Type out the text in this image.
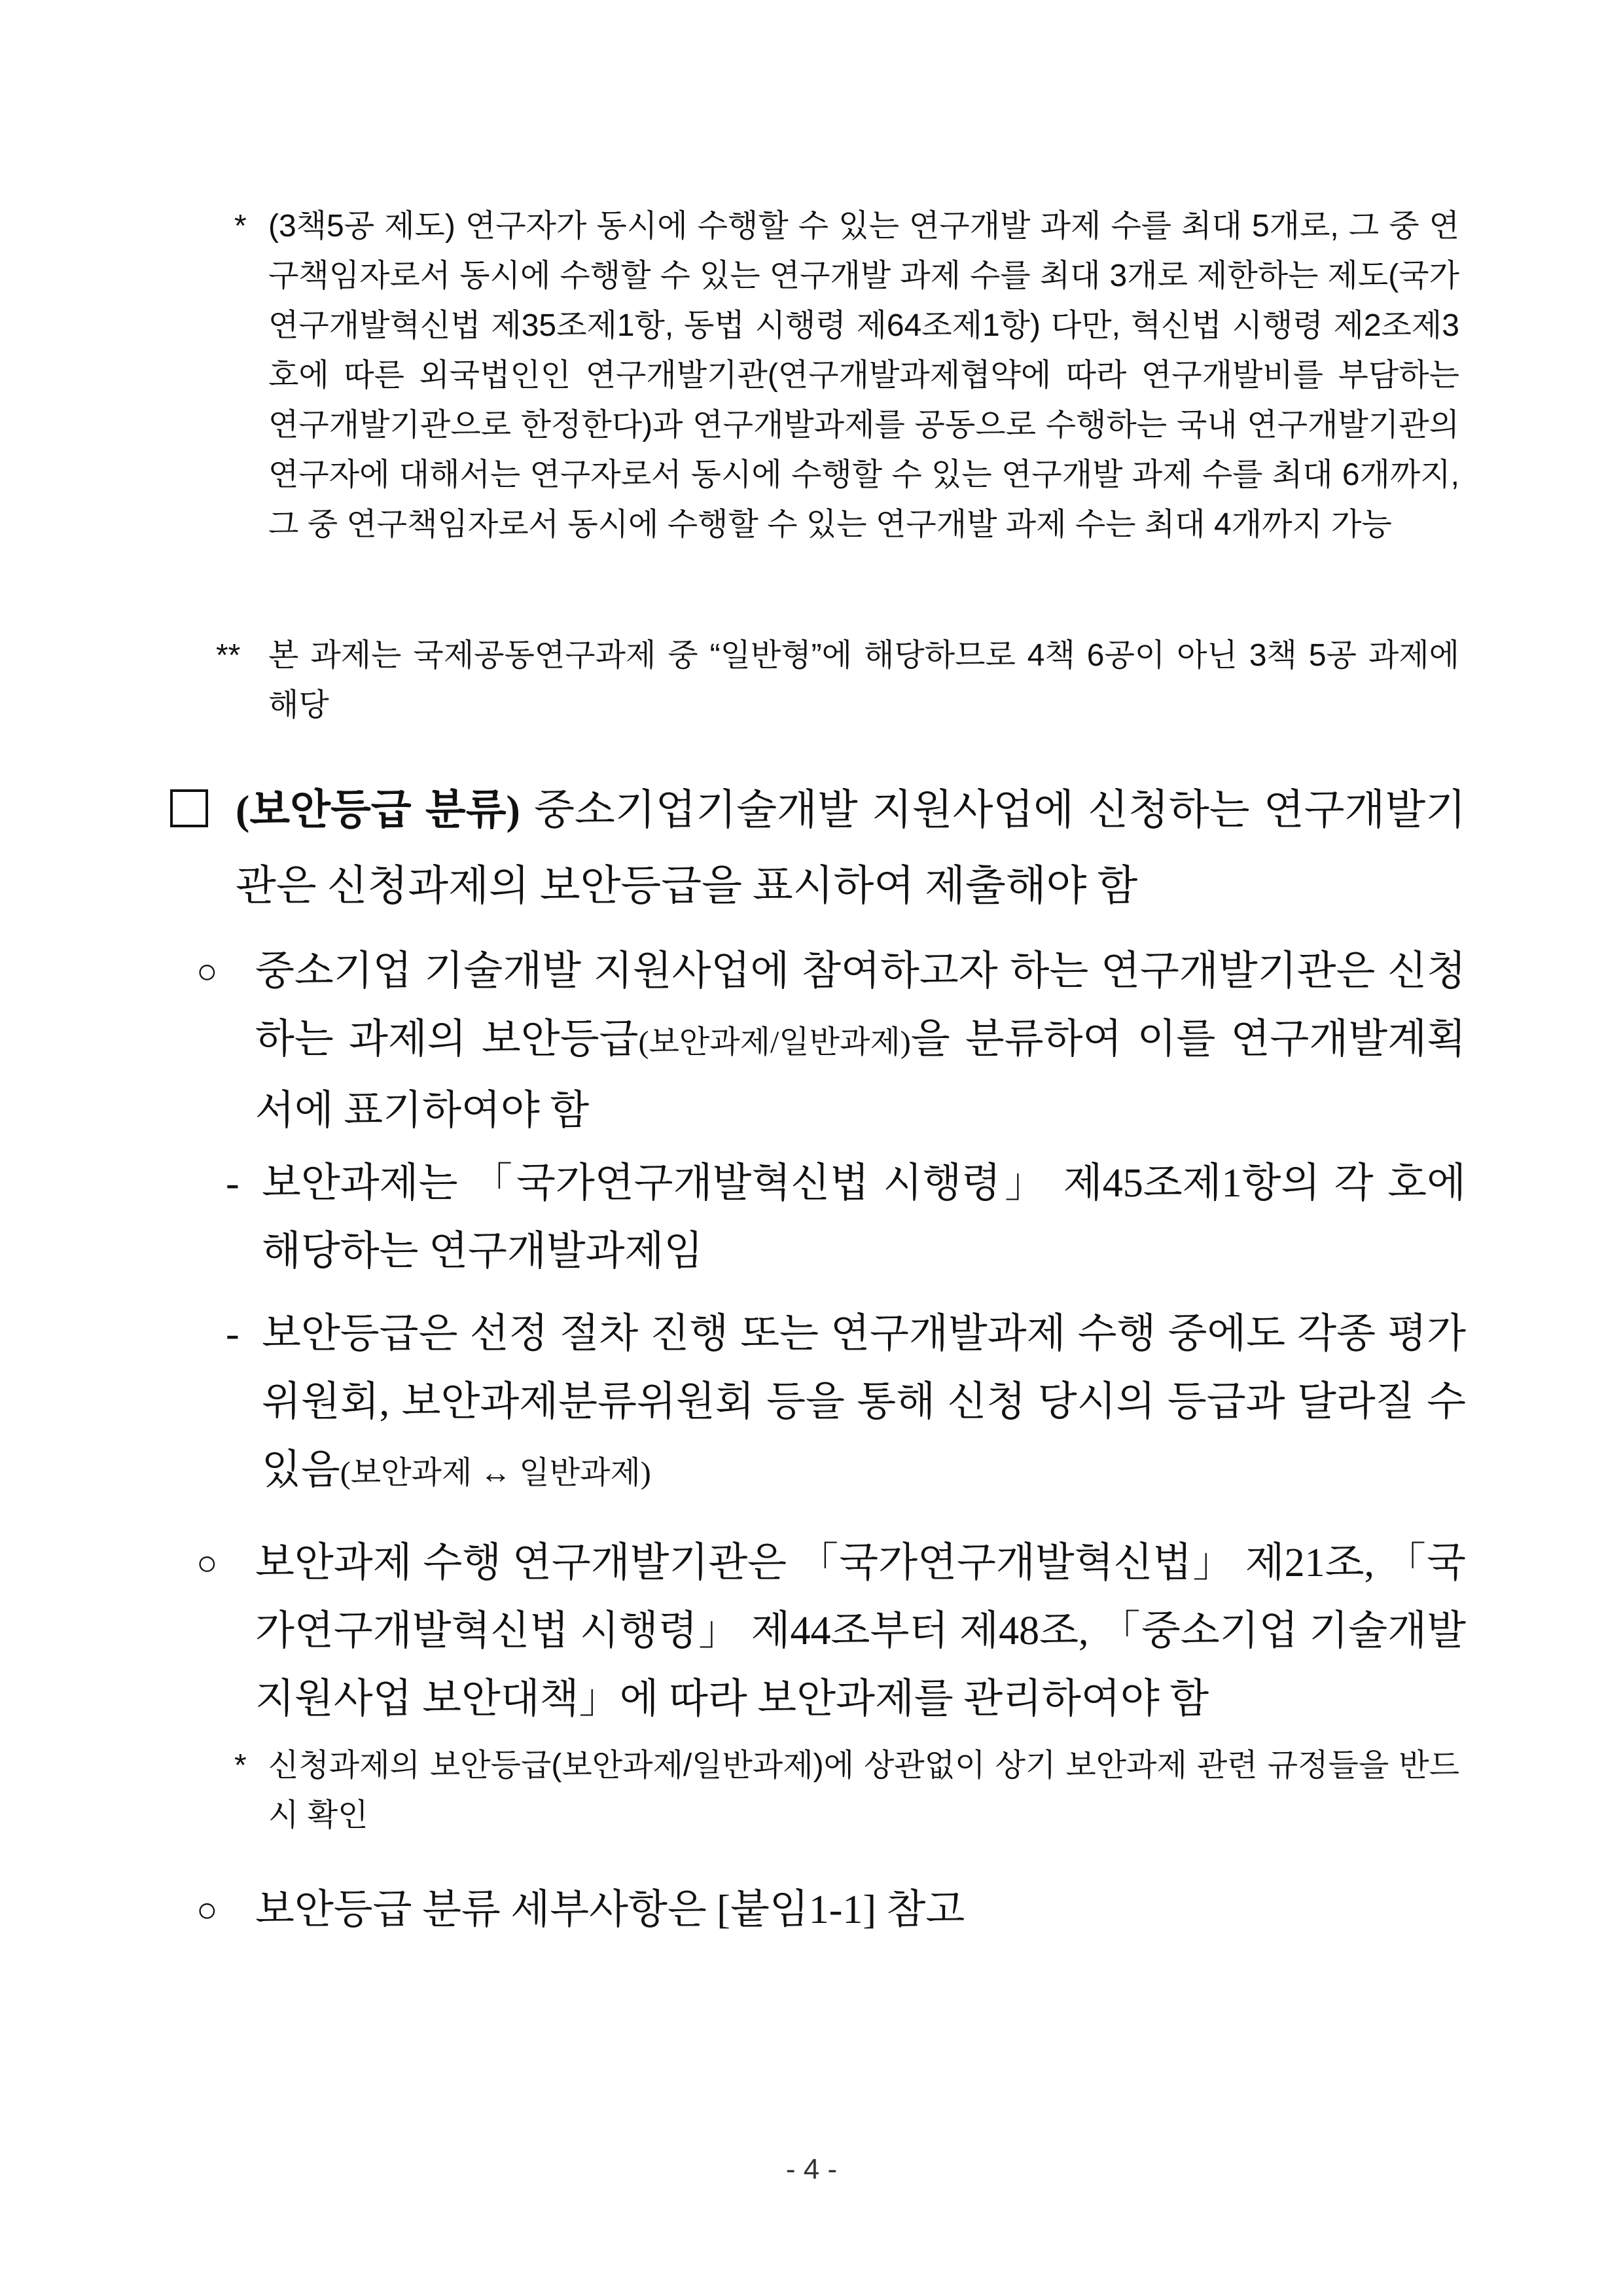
* (3책5공 제도) 연구자가 동시에 수행할 수 있는 연구개발 과제 수를 최대 5개로, 그 중 연구책임자로서 동시에 수행할 수 있는 연구개발 과제 수를 최대 3개로 제한하는 제도(국가연구개발혁신법 제35조제1항, 동법 시행령 제64조제1항) 다만, 혁신법 시행령 제2조제3호에 따른 외국법인인 연구개발기관(연구개발과제협약에 따라 연구개발비를 부담하는 연구개발기관으로 한정한다)과 연구개발과제를 공동으로 수행하는 국내 연구개발기관의 연구자에 대해서는 연구자로서 동시에 수행할 수 있는 연구개발 과제 수를 최대 6개까지, 그 중 연구책임자로서 동시에 수행할 수 있는 연구개발 과제 수는 최대 4개까지 가능
** 본 과제는 국제공동연구과제 중 “일반형”에 해당하므로 4책 6공이 아닌 3책 5공 과제에 해당
(보안등급 분류) 중소기업기술개발 지원사업에 신청하는 연구개발기관은 신청과제의 보안등급을 표시하여 제출해야 함
○ 중소기업 기술개발 지원사업에 참여하고자 하는 연구개발기관은 신청하는 과제의 보안등급(보안과제/일반과제)을 분류하여 이를 연구개발계획서에 표기하여야 함
- 보안과제는 「국가연구개발혁신법 시행령」 제45조제1항의 각 호에 해당하는 연구개발과제임
- 보안등급은 선정 절차 진행 또는 연구개발과제 수행 중에도 각종 평가위원회, 보안과제분류위원회 등을 통해 신청 당시의 등급과 달라질 수 있음(보안과제 ↔ 일반과제)
○ 보안과제 수행 연구개발기관은 「국가연구개발혁신법」 제21조, 「국가연구개발혁신법 시행령」 제44조부터 제48조, 「중소기업 기술개발 지원사업 보안대책」에 따라 보안과제를 관리하여야 함
* 신청과제의 보안등급(보안과제/일반과제)에 상관없이 상기 보안과제 관련 규정들을 반드시 확인
○ 보안등급 분류 세부사항은 [붙임1-1] 참고
- 4 -
